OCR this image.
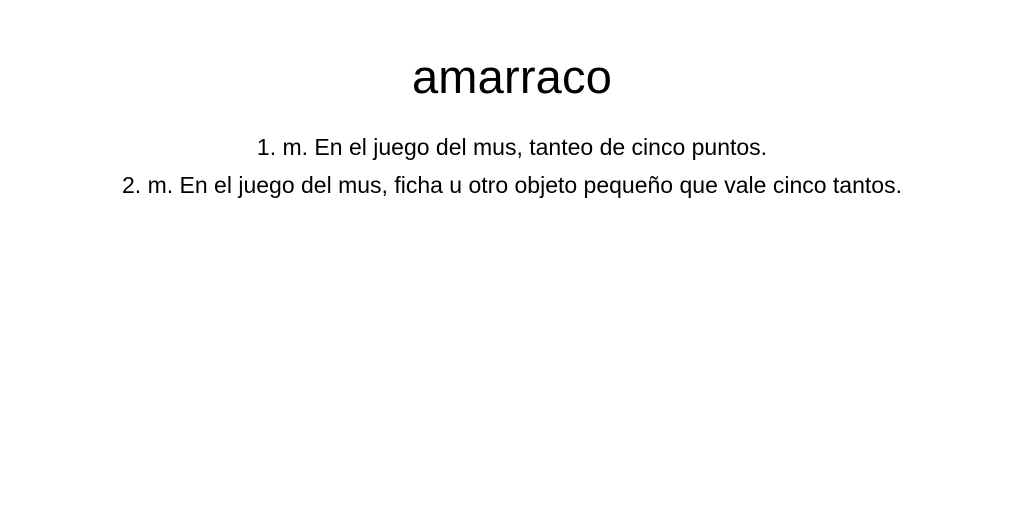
amarraco
1. m. En el juego del mus, tanteo de cinco puntos.
2. m. En el juego del mus, ficha u otro objeto pequeño que vale cinco tantos.
